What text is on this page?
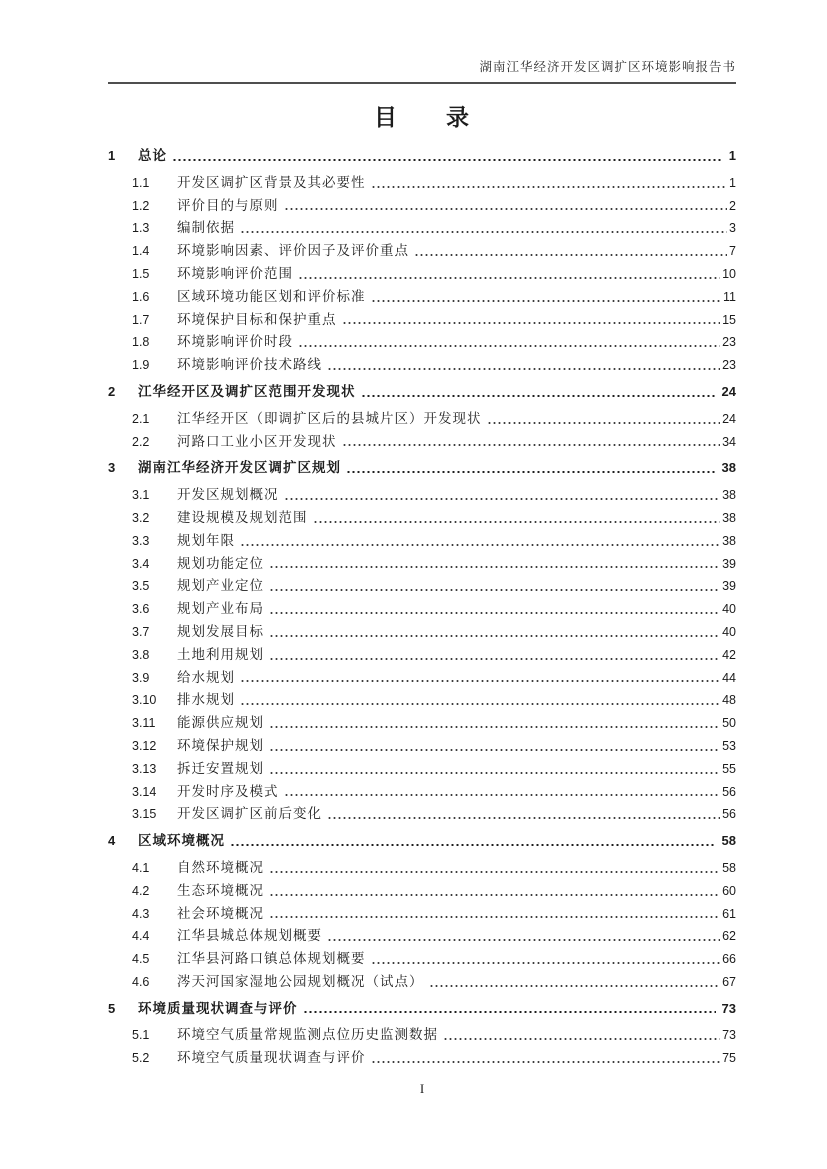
湖南江华经济开发区调扩区环境影响报告书
目　　录
1	总论	1
1.1	开发区调扩区背景及其必要性	1
1.2	评价目的与原则	2
1.3	编制依据	3
1.4	环境影响因素、评价因子及评价重点	7
1.5	环境影响评价范围	10
1.6	区域环境功能区划和评价标准	11
1.7	环境保护目标和保护重点	15
1.8	环境影响评价时段	23
1.9	环境影响评价技术路线	23
2	江华经开区及调扩区范围开发现状	24
2.1	江华经开区（即调扩区后的县城片区）开发现状	24
2.2	河路口工业小区开发现状	34
3	湖南江华经济开发区调扩区规划	38
3.1	开发区规划概况	38
3.2	建设规模及规划范围	38
3.3	规划年限	38
3.4	规划功能定位	39
3.5	规划产业定位	39
3.6	规划产业布局	40
3.7	规划发展目标	40
3.8	土地利用规划	42
3.9	给水规划	44
3.10	排水规划	48
3.11	能源供应规划	50
3.12	环境保护规划	53
3.13	拆迁安置规划	55
3.14	开发时序及模式	56
3.15	开发区调扩区前后变化	56
4	区域环境概况	58
4.1	自然环境概况	58
4.2	生态环境概况	60
4.3	社会环境概况	61
4.4	江华县城总体规划概要	62
4.5	江华县河路口镇总体规划概要	66
4.6	涔天河国家湿地公园规划概况（试点）	67
5	环境质量现状调查与评价	73
5.1	环境空气质量常规监测点位历史监测数据	73
5.2	环境空气质量现状调查与评价	75
I
